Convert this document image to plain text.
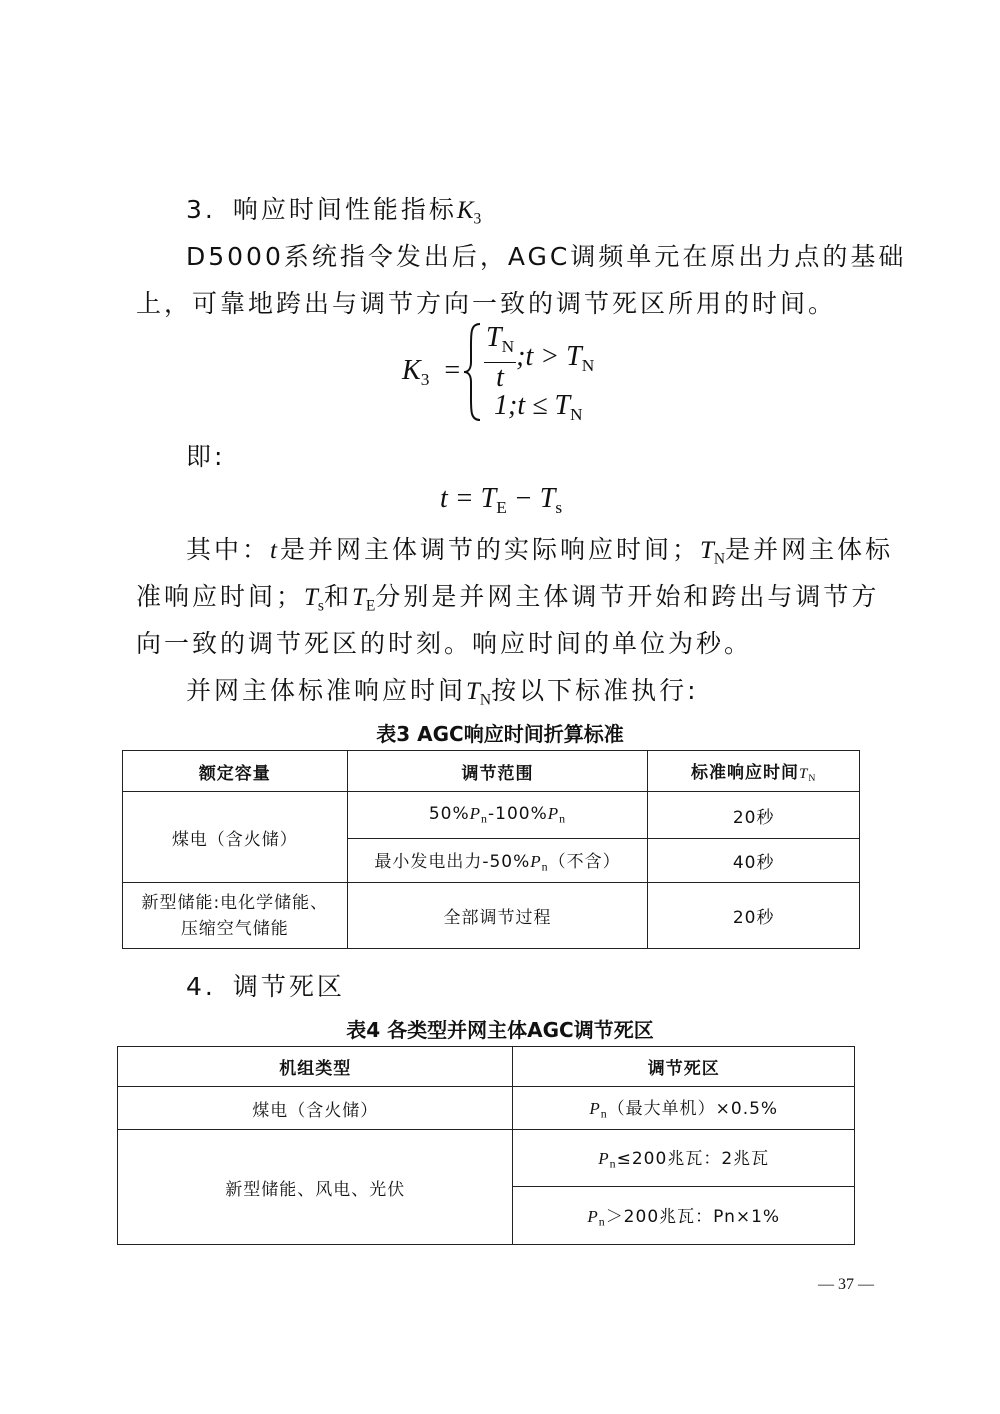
3. 响应时间性能指标$K_3$
D5000系统指令发出后，AGC调频单元在原出力点的基础
上，可靠地跨出与调节方向一致的调节死区所用的时间。
$K_3 = \frac{T_N}{t}$ ;t > $T_N$
1;t ≤ $T_N$
即:
$t = T_E - T_s$
其中：t是并网主体调节的实际响应时间；$T_N$是并网主体标
准响应时间；$T_s$和$T_E$分别是并网主体调节开始和跨出与调节方
向一致的调节死区的时刻。响应时间的单位为秒。
并网主体标准响应时间$T_N$按以下标准执行:
表3 AGC响应时间折算标准
额定容量	调节范围	标准响应时间$T_N$
煤电（含火储）	$50\%P_n-100\%P_n$	20秒
	最小发电出力$-50\%P_n$（不含）	40秒
新型储能:电化学储能、
压缩空气储能	全部调节过程	20秒
4. 调节死区
表4 各类型并网主体AGC调节死区
机组类型	调节死区
煤电（含火储）	$P_n$（最大单机）×0.5%
新型储能、风电、光伏	$P_n\le 200$兆瓦：2兆瓦
	$P_n>200$兆瓦：Pn×1%
— 37 —
